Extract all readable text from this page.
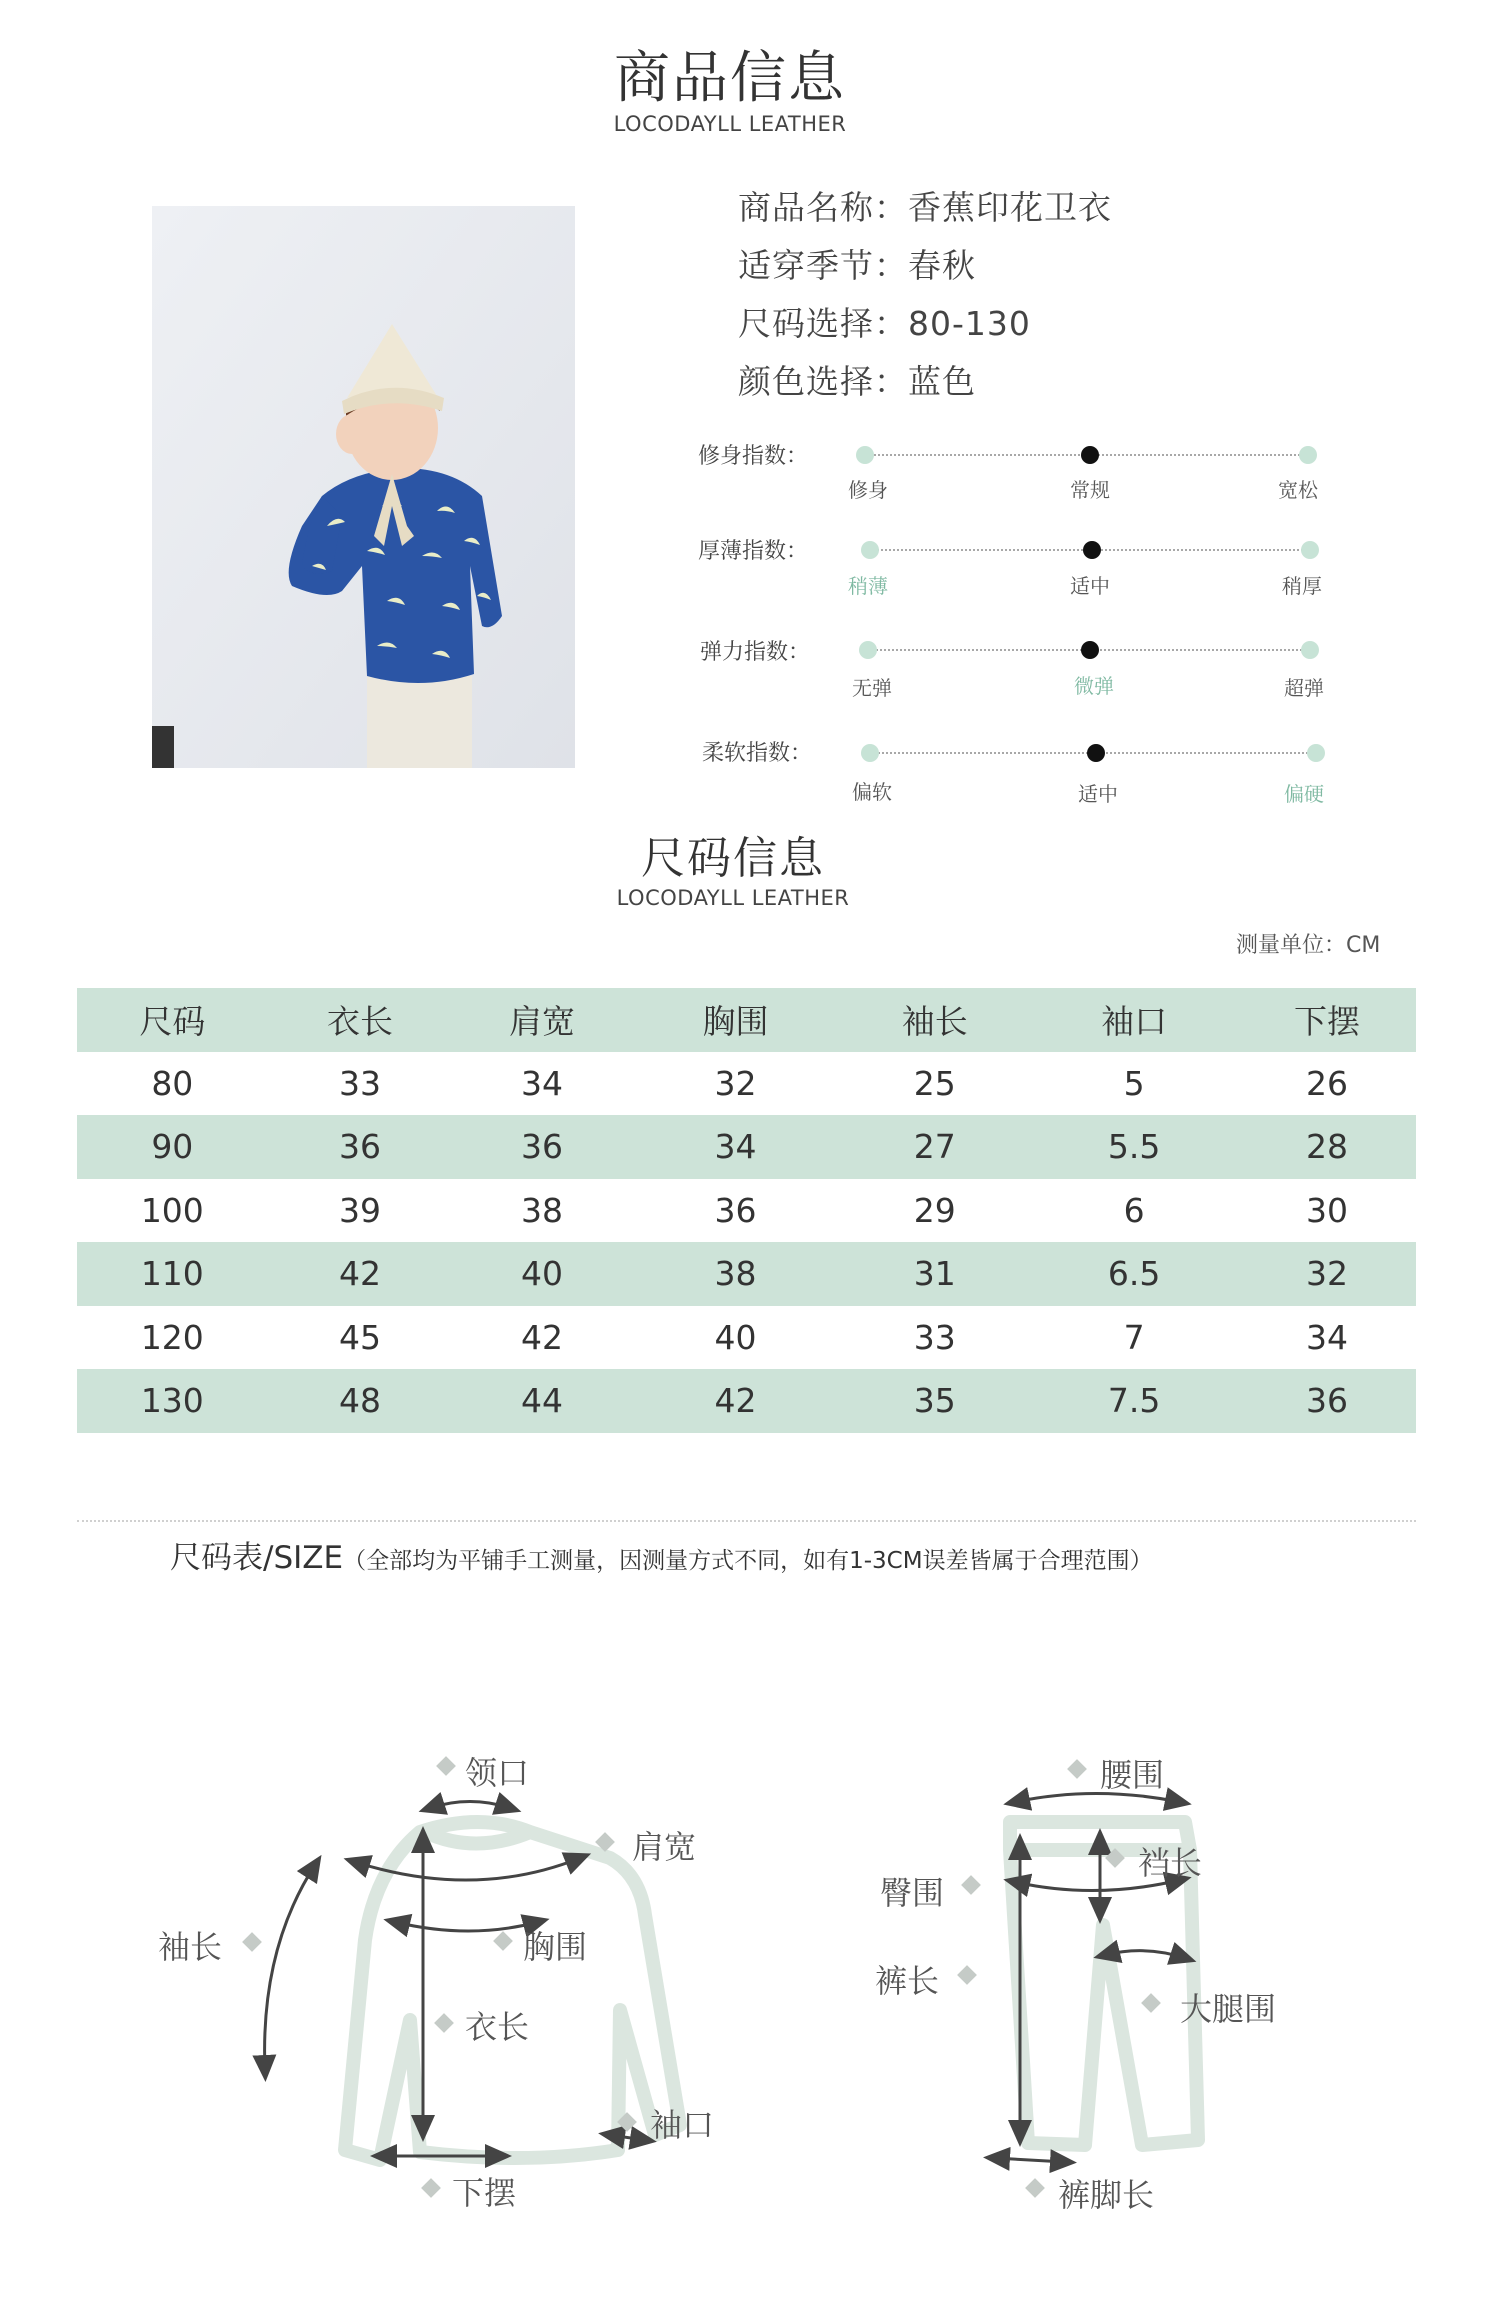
商品信息
LOCODAYLL LEATHER
商品名称：香蕉印花卫衣
适穿季节：春秋
尺码选择：80-130
颜色选择：蓝色
修身指数：
修身	常规	宽松
厚薄指数：
稍薄	适中	稍厚
弹力指数：
无弹	微弹	超弹
柔软指数：
偏软	适中	偏硬
尺码信息
LOCODAYLL LEATHER
测量单位：CM
尺码	衣长	肩宽	胸围	袖长	袖口	下摆
80	33	34	32	25	5	26
90	36	36	34	27	5.5	28
100	39	38	36	29	6	30
110	42	40	38	31	6.5	32
120	45	42	40	33	7	34
130	48	44	42	35	7.5	36
尺码表/SIZE（全部均为平铺手工测量，因测量方式不同，如有1-3CM误差皆属于合理范围）
领口
肩宽
袖长	胸围
衣长
袖口
下摆
腰围
裆长
臀围
裤长
大腿围
裤脚长
